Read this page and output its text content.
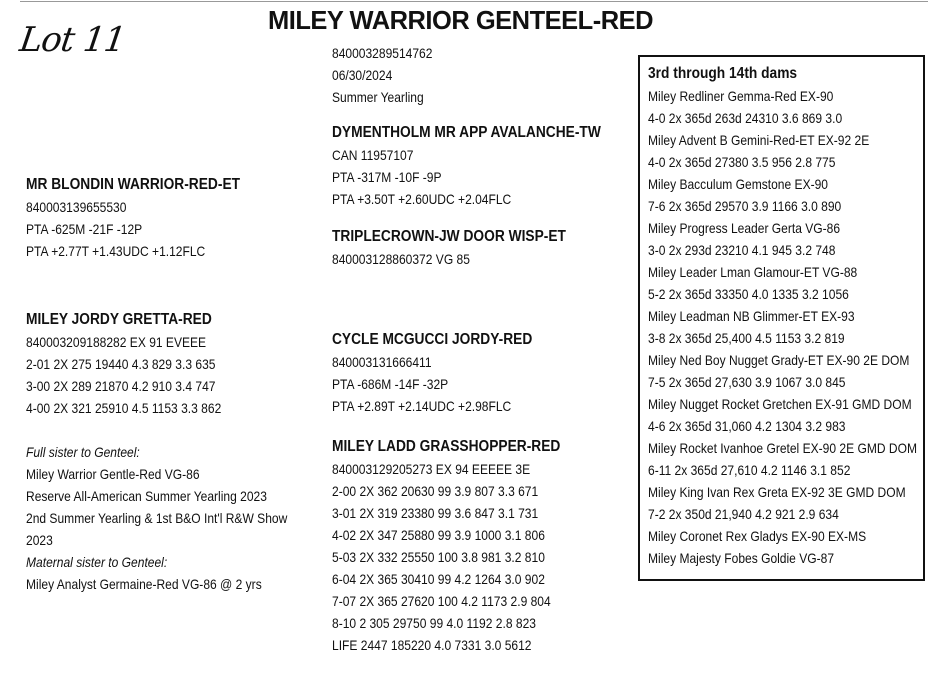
Lot 11	MILEY WARRIOR GENTEEL-RED
840003289514762
06/30/2024
Summer Yearling
MR BLONDIN WARRIOR-RED-ET
840003139655530
PTA -625M -21F -12P
PTA +2.77T +1.43UDC +1.12FLC
MILEY JORDY GRETTA-RED
840003209188282 EX 91 EVEEE
2-01 2X 275 19440 4.3 829 3.3 635
3-00 2X 289 21870 4.2 910 3.4 747
4-00 2X 321 25910 4.5 1153 3.3 862
Full sister to Genteel:
Miley Warrior Gentle-Red VG-86
Reserve All-American Summer Yearling 2023
2nd Summer Yearling & 1st B&O Int'l R&W Show
2023
Maternal sister to Genteel:
Miley Analyst Germaine-Red VG-86 @ 2 yrs
DYMENTHOLM MR APP AVALANCHE-TW
CAN 11957107
PTA -317M -10F -9P
PTA +3.50T +2.60UDC +2.04FLC
TRIPLECROWN-JW DOOR WISP-ET
840003128860372 VG 85
CYCLE MCGUCCI JORDY-RED
840003131666411
PTA -686M -14F -32P
PTA +2.89T +2.14UDC +2.98FLC
MILEY LADD GRASSHOPPER-RED
840003129205273 EX 94 EEEEE 3E
2-00 2X 362 20630 99 3.9 807 3.3 671
3-01 2X 319 23380 99 3.6 847 3.1 731
4-02 2X 347 25880 99 3.9 1000 3.1 806
5-03 2X 332 25550 100 3.8 981 3.2 810
6-04 2X 365 30410 99 4.2 1264 3.0 902
7-07 2X 365 27620 100 4.2 1173 2.9 804
8-10 2 305 29750 99 4.0 1192 2.8 823
LIFE 2447 185220 4.0 7331 3.0 5612
3rd through 14th dams
Miley Redliner Gemma-Red EX-90
4-0 2x 365d 263d 24310 3.6 869 3.0
Miley Advent B Gemini-Red-ET EX-92 2E
4-0 2x 365d 27380 3.5 956 2.8 775
Miley Bacculum Gemstone EX-90
7-6 2x 365d 29570 3.9 1166 3.0 890
Miley Progress Leader Gerta VG-86
3-0 2x 293d 23210 4.1 945 3.2 748
Miley Leader Lman Glamour-ET VG-88
5-2 2x 365d 33350 4.0 1335 3.2 1056
Miley Leadman NB Glimmer-ET EX-93
3-8 2x 365d 25,400 4.5 1153 3.2 819
Miley Ned Boy Nugget Grady-ET EX-90 2E DOM
7-5 2x 365d 27,630 3.9 1067 3.0 845
Miley Nugget Rocket Gretchen EX-91 GMD DOM
4-6 2x 365d 31,060 4.2 1304 3.2 983
Miley Rocket Ivanhoe Gretel EX-90 2E GMD DOM
6-11 2x 365d 27,610 4.2 1146 3.1 852
Miley King Ivan Rex Greta EX-92 3E GMD DOM
7-2 2x 350d 21,940 4.2 921 2.9 634
Miley Coronet Rex Gladys EX-90 EX-MS
Miley Majesty Fobes Goldie VG-87
